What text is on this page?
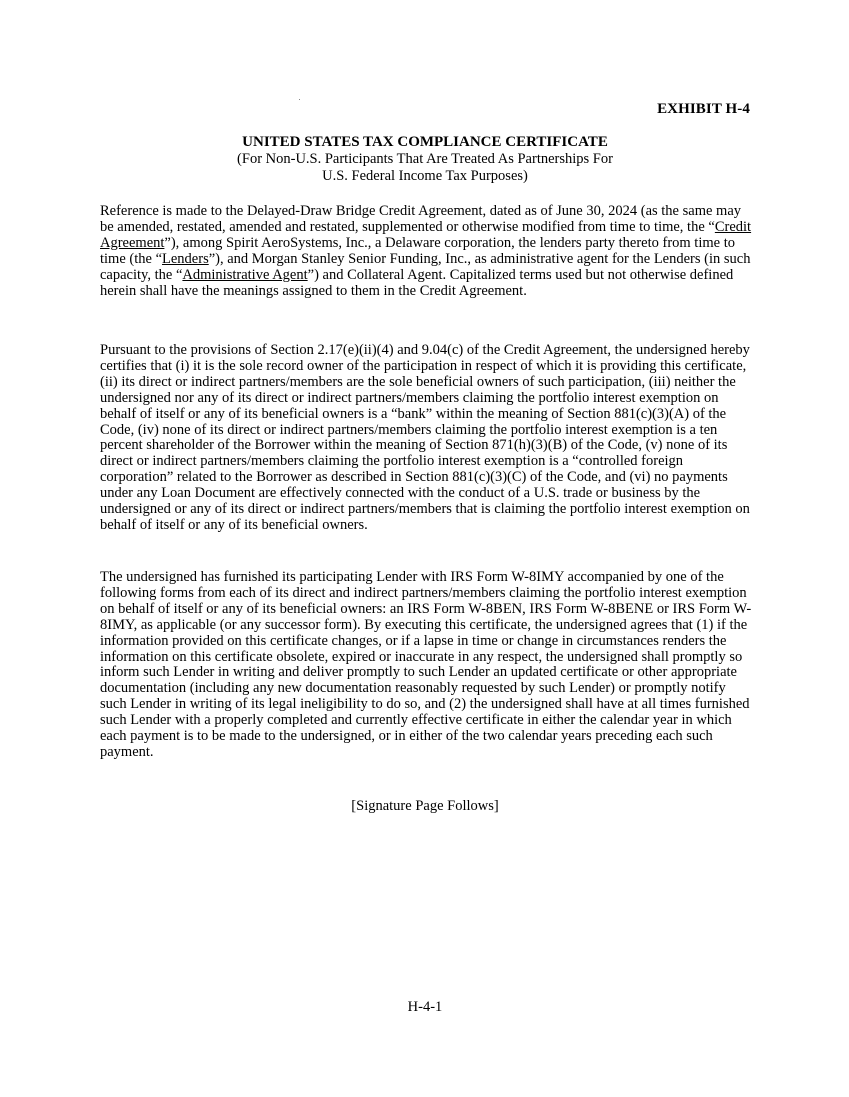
EXHIBIT H-4
UNITED STATES TAX COMPLIANCE CERTIFICATE
(For Non-U.S. Participants That Are Treated As Partnerships For
U.S. Federal Income Tax Purposes)

Reference is made to the Delayed-Draw Bridge Credit Agreement, dated as of June 30, 2024 (as the same may be amended, restated, amended and restated, supplemented or otherwise modified from time to time, the “Credit Agreement”), among Spirit AeroSystems, Inc., a Delaware corporation, the lenders party thereto from time to time (the “Lenders”), and Morgan Stanley Senior Funding, Inc., as administrative agent for the Lenders (in such capacity, the “Administrative Agent”) and Collateral Agent. Capitalized terms used but not otherwise defined herein shall have the meanings assigned to them in the Credit Agreement.

Pursuant to the provisions of Section 2.17(e)(ii)(4) and 9.04(c) of the Credit Agreement, the undersigned hereby certifies that (i) it is the sole record owner of the participation in respect of which it is providing this certificate, (ii) its direct or indirect partners/members are the sole beneficial owners of such participation, (iii) neither the undersigned nor any of its direct or indirect partners/members claiming the portfolio interest exemption on behalf of itself or any of its beneficial owners is a “bank” within the meaning of Section 881(c)(3)(A) of the Code, (iv) none of its direct or indirect partners/members claiming the portfolio interest exemption is a ten percent shareholder of the Borrower within the meaning of Section 871(h)(3)(B) of the Code, (v) none of its direct or indirect partners/members claiming the portfolio interest exemption is a “controlled foreign corporation” related to the Borrower as described in Section 881(c)(3)(C) of the Code, and (vi) no payments under any Loan Document are effectively connected with the conduct of a U.S. trade or business by the undersigned or any of its direct or indirect partners/members that is claiming the portfolio interest exemption on behalf of itself or any of its beneficial owners.

The undersigned has furnished its participating Lender with IRS Form W-8IMY accompanied by one of the following forms from each of its direct and indirect partners/members claiming the portfolio interest exemption on behalf of itself or any of its beneficial owners: an IRS Form W-8BEN, IRS Form W-8BENE or IRS Form W-8IMY, as applicable (or any successor form). By executing this certificate, the undersigned agrees that (1) if the information provided on this certificate changes, or if a lapse in time or change in circumstances renders the information on this certificate obsolete, expired or inaccurate in any respect, the undersigned shall promptly so inform such Lender in writing and deliver promptly to such Lender an updated certificate or other appropriate documentation (including any new documentation reasonably requested by such Lender) or promptly notify such Lender in writing of its legal ineligibility to do so, and (2) the undersigned shall have at all times furnished such Lender with a properly completed and currently effective certificate in either the calendar year in which each payment is to be made to the undersigned, or in either of the two calendar years preceding each such payment.

[Signature Page Follows]
H-4-1
